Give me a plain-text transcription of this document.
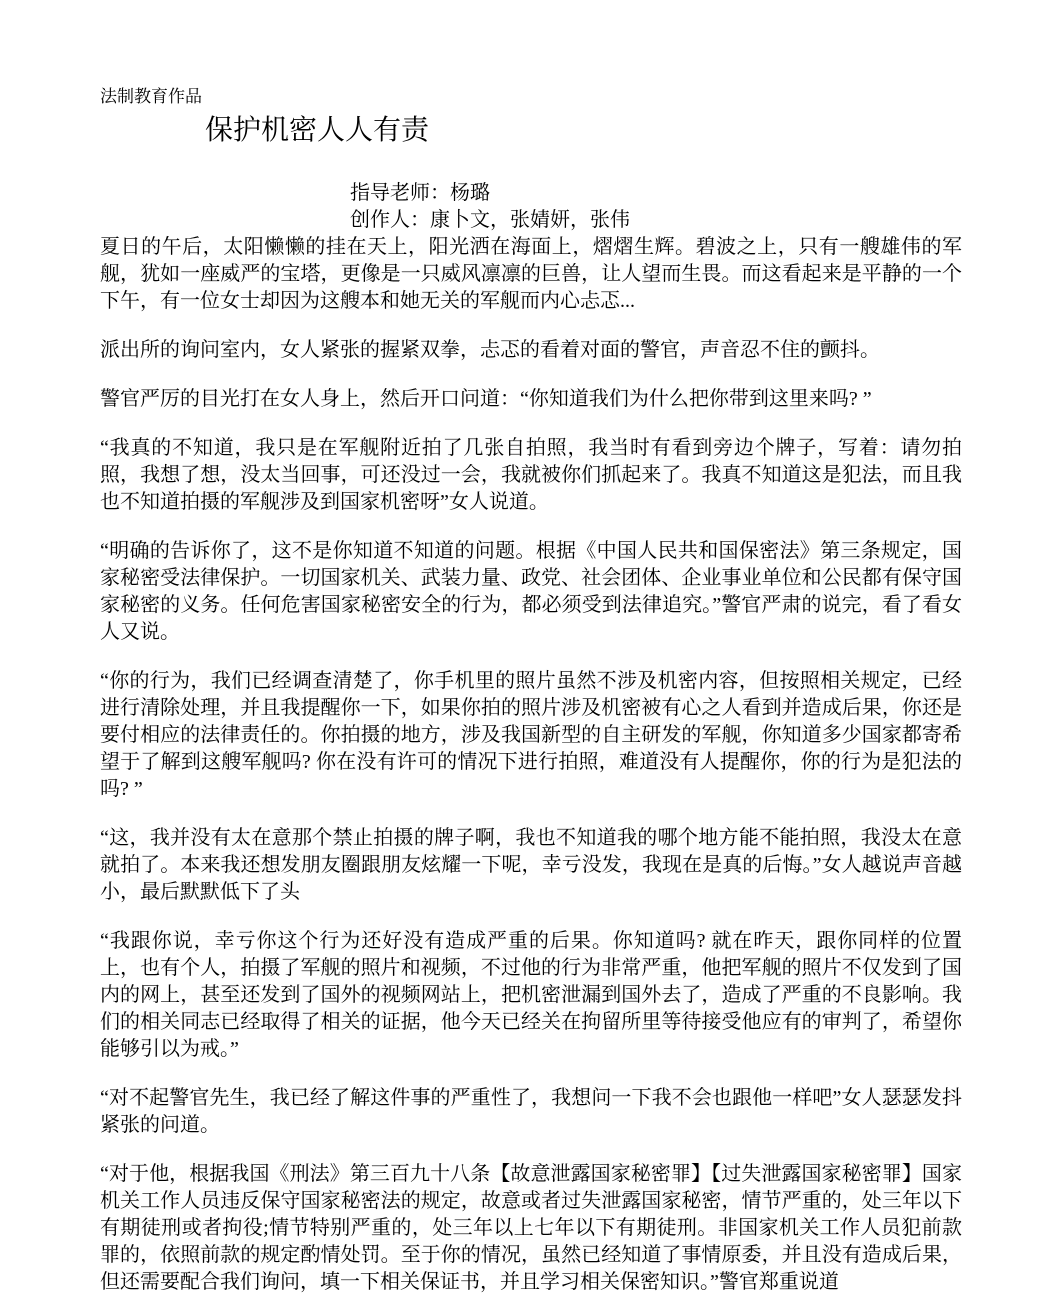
法制教育作品
保护机密人人有责
指导老师：杨璐
创作人：康卜文，张婧妍，张伟

夏日的午后，太阳懒懒的挂在天上，阳光洒在海面上，熠熠生辉。碧波之上，只有一艘雄伟的军舰，犹如一座威严的宝塔，更像是一只威风凛凛的巨兽，让人望而生畏。而这看起来是平静的一个下午，有一位女士却因为这艘本和她无关的军舰而内心忐忑...

派出所的询问室内，女人紧张的握紧双拳，忐忑的看着对面的警官，声音忍不住的颤抖。

警官严厉的目光打在女人身上，然后开口问道：“你知道我们为什么把你带到这里来吗? ”

“我真的不知道，我只是在军舰附近拍了几张自拍照，我当时有看到旁边个牌子，写着：请勿拍照，我想了想，没太当回事，可还没过一会，我就被你们抓起来了。我真不知道这是犯法，而且我也不知道拍摄的军舰涉及到国家机密呀”女人说道。

“明确的告诉你了，这不是你知道不知道的问题。根据《中国人民共和国保密法》第三条规定，国家秘密受法律保护。一切国家机关、武装力量、政党、社会团体、企业事业单位和公民都有保守国家秘密的义务。任何危害国家秘密安全的行为，都必须受到法律追究。”警官严肃的说完，看了看女人又说。

“你的行为，我们已经调查清楚了，你手机里的照片虽然不涉及机密内容，但按照相关规定，已经进行清除处理，并且我提醒你一下，如果你拍的照片涉及机密被有心之人看到并造成后果，你还是要付相应的法律责任的。你拍摄的地方，涉及我国新型的自主研发的军舰，你知道多少国家都寄希望于了解到这艘军舰吗? 你在没有许可的情况下进行拍照，难道没有人提醒你，你的行为是犯法的吗? ”

“这，我并没有太在意那个禁止拍摄的牌子啊，我也不知道我的哪个地方能不能拍照，我没太在意就拍了。本来我还想发朋友圈跟朋友炫耀一下呢，幸亏没发，我现在是真的后悔。”女人越说声音越小，最后默默低下了头

“我跟你说，幸亏你这个行为还好没有造成严重的后果。你知道吗? 就在昨天，跟你同样的位置上，也有个人，拍摄了军舰的照片和视频，不过他的行为非常严重，他把军舰的照片不仅发到了国内的网上，甚至还发到了国外的视频网站上，把机密泄漏到国外去了，造成了严重的不良影响。我们的相关同志已经取得了相关的证据，他今天已经关在拘留所里等待接受他应有的审判了，希望你能够引以为戒。”

“对不起警官先生，我已经了解这件事的严重性了，我想问一下我不会也跟他一样吧”女人瑟瑟发抖紧张的问道。

“对于他，根据我国《刑法》第三百九十八条【故意泄露国家秘密罪】【过失泄露国家秘密罪】国家机关工作人员违反保守国家秘密法的规定，故意或者过失泄露国家秘密，情节严重的，处三年以下有期徒刑或者拘役;情节特别严重的，处三年以上七年以下有期徒刑。非国家机关工作人员犯前款罪的，依照前款的规定酌情处罚。至于你的情况，虽然已经知道了事情原委，并且没有造成后果，但还需要配合我们询问，填一下相关保证书，并且学习相关保密知识。”警官郑重说道
